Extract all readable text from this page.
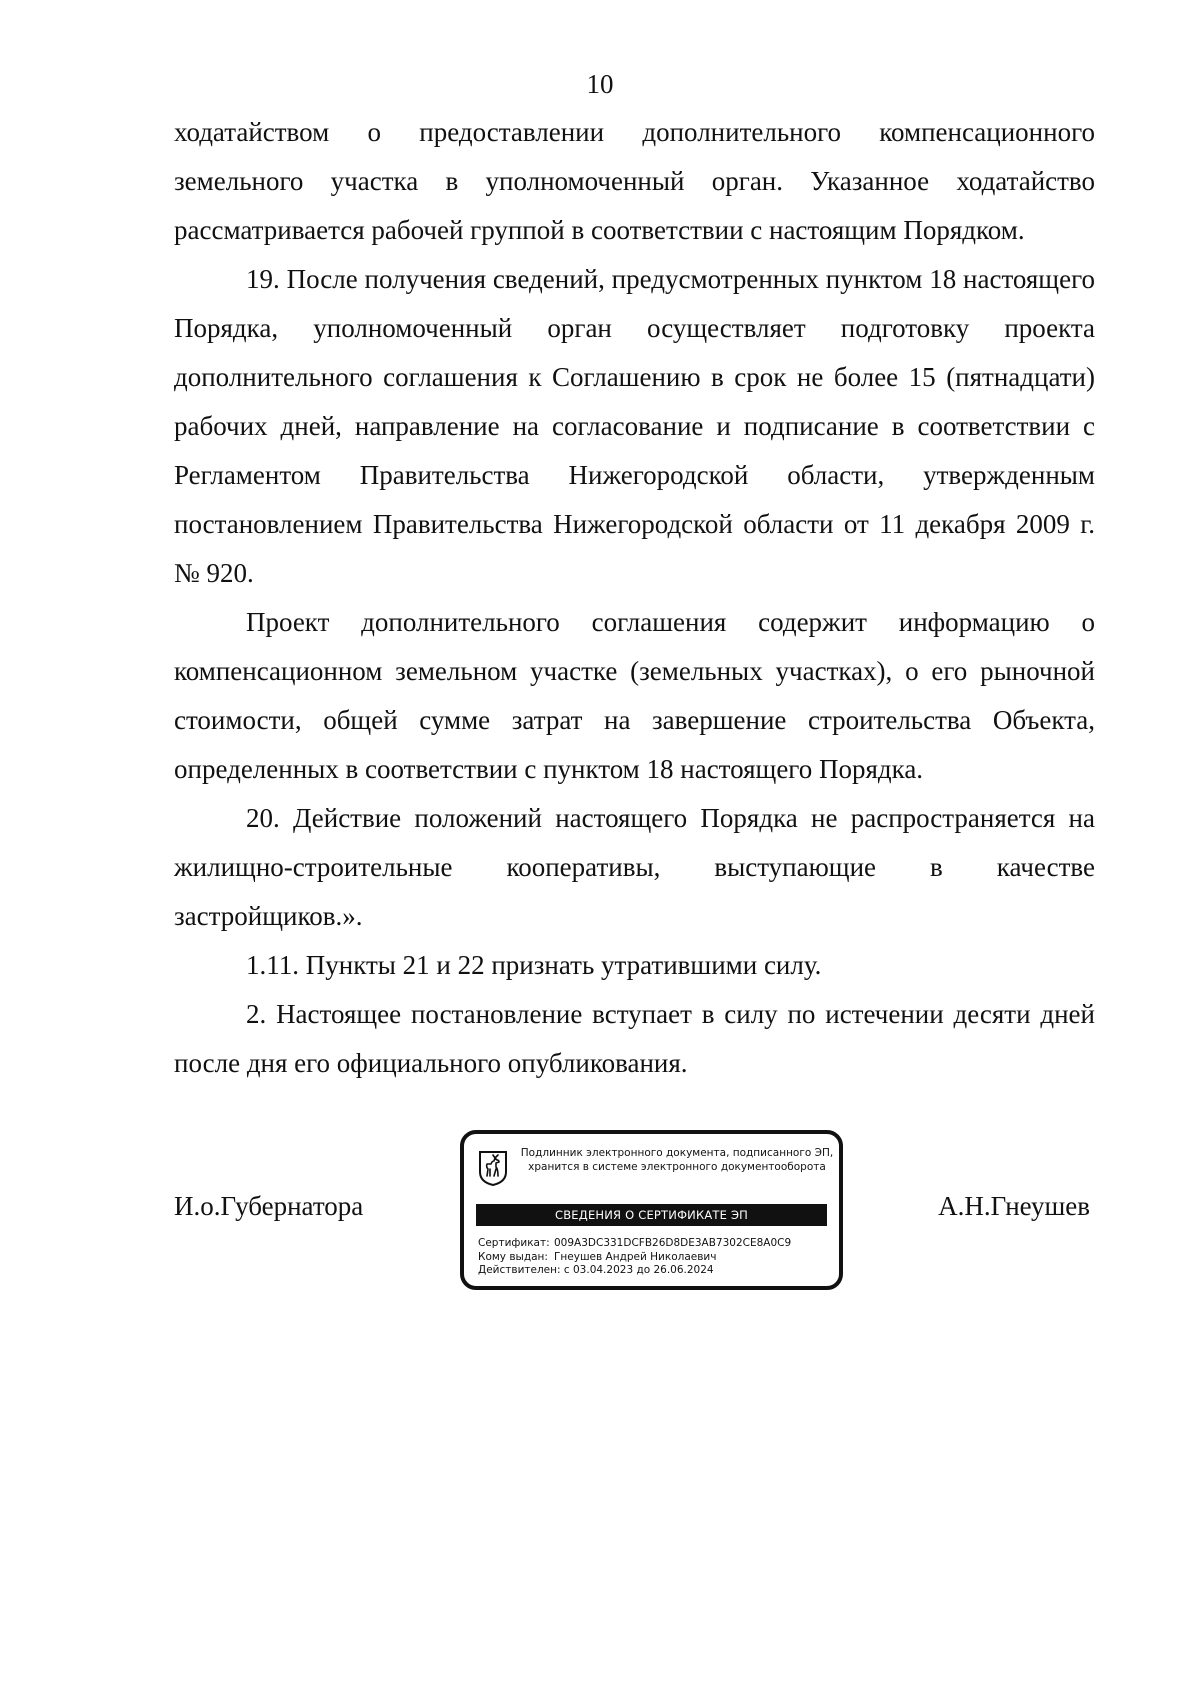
10

ходатайством о предоставлении дополнительного компенсационного земельного участка в уполномоченный орган. Указанное ходатайство рассматривается рабочей группой в соответствии с настоящим Порядком.

19. После получения сведений, предусмотренных пунктом 18 настоящего Порядка, уполномоченный орган осуществляет подготовку проекта дополнительного соглашения к Соглашению в срок не более 15 (пятнадцати) рабочих дней, направление на согласование и подписание в соответствии с Регламентом Правительства Нижегородской области, утвержденным постановлением Правительства Нижегородской области от 11 декабря 2009 г. № 920.

Проект дополнительного соглашения содержит информацию о компенсационном земельном участке (земельных участках), о его рыночной стоимости, общей сумме затрат на завершение строительства Объекта, определенных в соответствии с пунктом 18 настоящего Порядка.

20. Действие положений настоящего Порядка не распространяется на жилищно-строительные кооперативы, выступающие в качестве застройщиков.».

1.11. Пункты 21 и 22 признать утратившими силу.

2. Настоящее постановление вступает в силу по истечении десяти дней после дня его официального опубликования.

И.о.Губернатора
Подлинник электронного документа, подписанного ЭП,
хранится в системе электронного документооборота
СВЕДЕНИЯ О СЕРТИФИКАТЕ ЭП
Сертификат: 009A3DC331DCFB26D8DE3AB7302CE8A0C9
Кому выдан: Гнеушев Андрей Николаевич
Действителен: с 03.04.2023 до 26.06.2024
А.Н.Гнеушев
